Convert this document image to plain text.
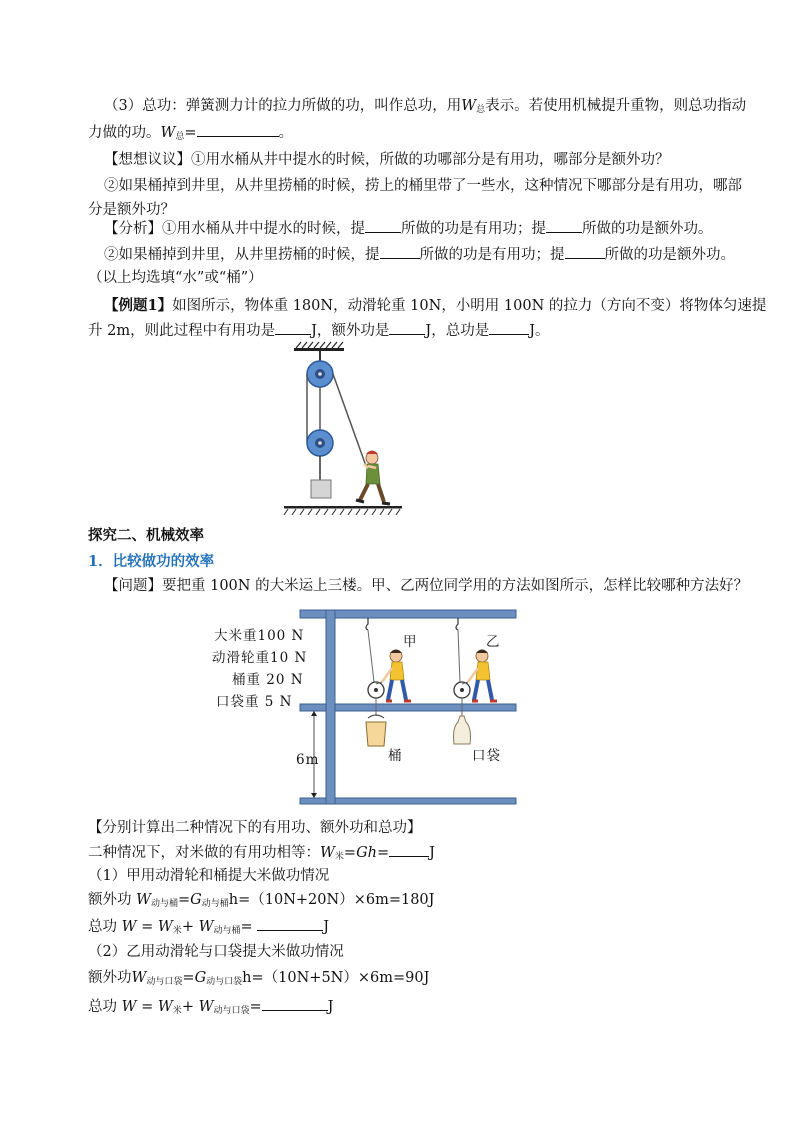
（3）总功：弹簧测力计的拉力所做的功，叫作总功，用$W_总$表示。若使用机械提升重物，则总功指动
力做的功。$W_总=$	。
【想想议议】①用水桶从井中提水的时候，所做的功哪部分是有用功，哪部分是额外功？
②如果桶掉到井里，从井里捞桶的时候，捞上的桶里带了一些水，这种情况下哪部分是有用功，哪部
分是额外功？
【分析】①用水桶从井中提水的时候，提 所做的功是有用功；提 所做的功是额外功。
②如果桶掉到井里，从井里捞桶的时候，提	所做的功是有用功；提	所做的功是额外功。
（以上均选填“水”或“桶”）
【例题1】如图所示，物体重 180N，动滑轮重 10N，小明用 100N 的拉力（方向不变）将物体匀速提
升 2m，则此过程中有用功是 J，额外功是 J，总功是	J。
探究二、机械效率
1．比较做功的效率
【问题】要把重 100N 的大米运上三楼。甲、乙两位同学用的方法如图所示，怎样比较哪种方法好？
大米重100 N
动滑轮重10 N
桶重 20 N
口袋重 5 N
甲	乙
桶	口袋
6m
【分别计算出二种情况下的有用功、额外功和总功】
二种情况下，对米做的有用功相等：$W_米=Gh=$	J
（1）甲用动滑轮和桶提大米做功情况
额外功 $W_{动与桶}=G_{动与桶}h=(10N+20N)\times 6m=180J$
总功 $W = W_米+ W_{动与桶}=$	J
（2）乙用动滑轮与口袋提大米做功情况
额外功$W_{动与口袋}=G_{动与口袋}h=(10N+5N)\times 6m=90J$
总功 $W = W_米+ W_{动与口袋}=$	J
